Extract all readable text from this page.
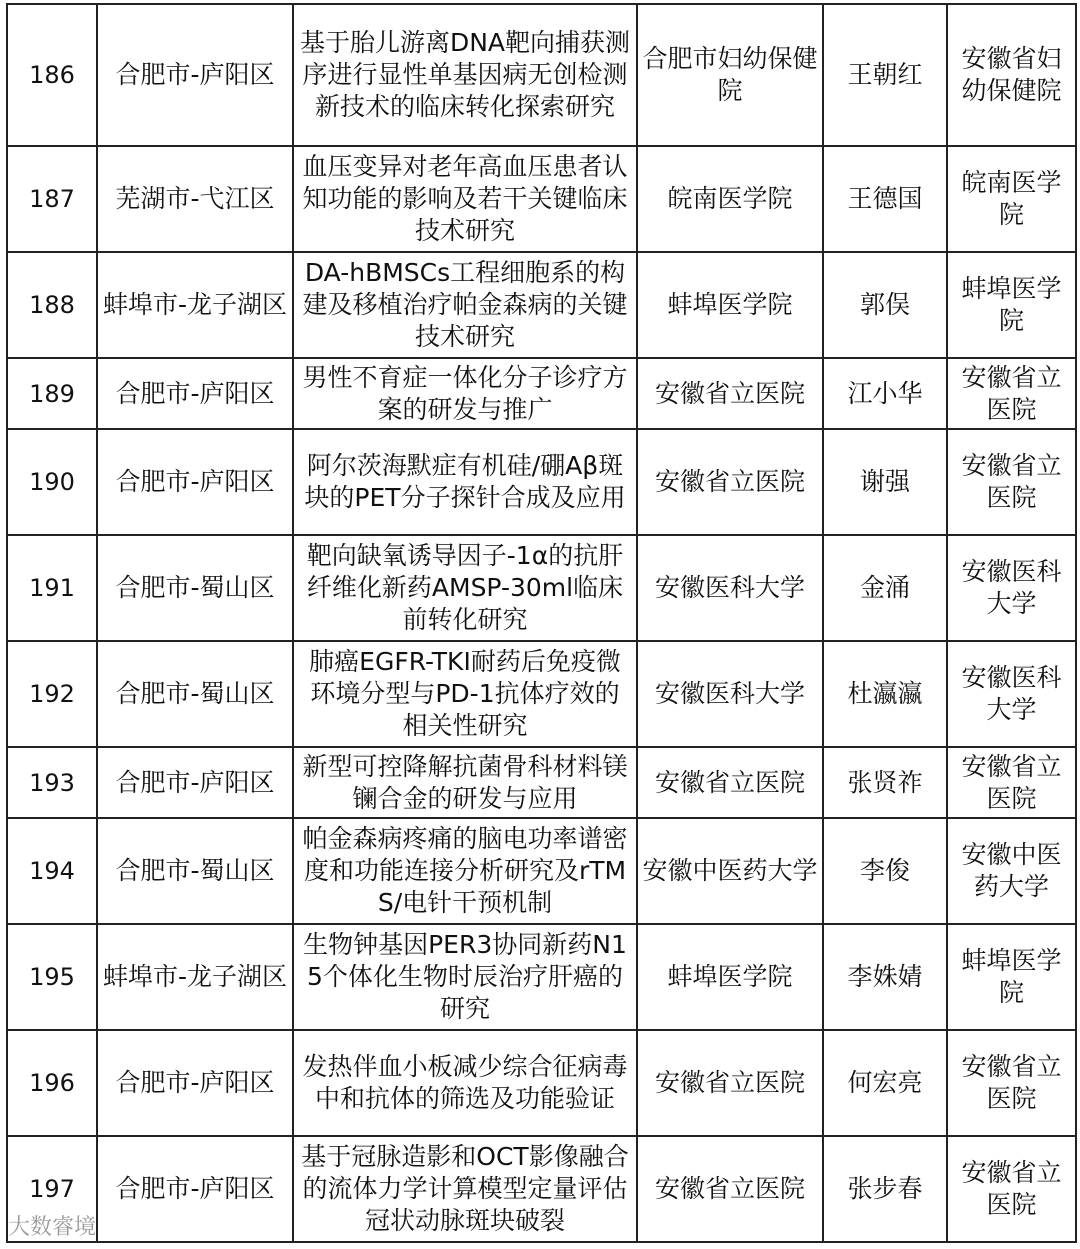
186	合肥市-庐阳区	基于胎儿游离DNA靶向捕获测序进行显性单基因病无创检测新技术的临床转化探索研究	合肥市妇幼保健院	王朝红	安徽省妇幼保健院
187	芜湖市-弋江区	血压变异对老年高血压患者认知功能的影响及若干关键临床技术研究	皖南医学院	王德国	皖南医学院
188	蚌埠市-龙子湖区	DA-hBMSCs工程细胞系的构建及移植治疗帕金森病的关键技术研究	蚌埠医学院	郭俣	蚌埠医学院
189	合肥市-庐阳区	男性不育症一体化分子诊疗方案的研发与推广	安徽省立医院	江小华	安徽省立医院
190	合肥市-庐阳区	阿尔茨海默症有机硅/硼Aβ斑块的PET分子探针合成及应用	安徽省立医院	谢强	安徽省立医院
191	合肥市-蜀山区	靶向缺氧诱导因子-1α的抗肝纤维化新药AMSP-30ml临床前转化研究	安徽医科大学	金涌	安徽医科大学
192	合肥市-蜀山区	肺癌EGFR-TKI耐药后免疫微环境分型与PD-1抗体疗效的相关性研究	安徽医科大学	杜瀛瀛	安徽医科大学
193	合肥市-庐阳区	新型可控降解抗菌骨科材料镁镧合金的研发与应用	安徽省立医院	张贤祚	安徽省立医院
194	合肥市-蜀山区	帕金森病疼痛的脑电功率谱密度和功能连接分析研究及rTMS/电针干预机制	安徽中医药大学	李俊	安徽中医药大学
195	蚌埠市-龙子湖区	生物钟基因PER3协同新药N15个体化生物时辰治疗肝癌的研究	蚌埠医学院	李姝婧	蚌埠医学院
196	合肥市-庐阳区	发热伴血小板减少综合征病毒中和抗体的筛选及功能验证	安徽省立医院	何宏亮	安徽省立医院
197	合肥市-庐阳区	基于冠脉造影和OCT影像融合的流体力学计算模型定量评估冠状动脉斑块破裂	安徽省立医院	张步春	安徽省立医院
大数睿境
